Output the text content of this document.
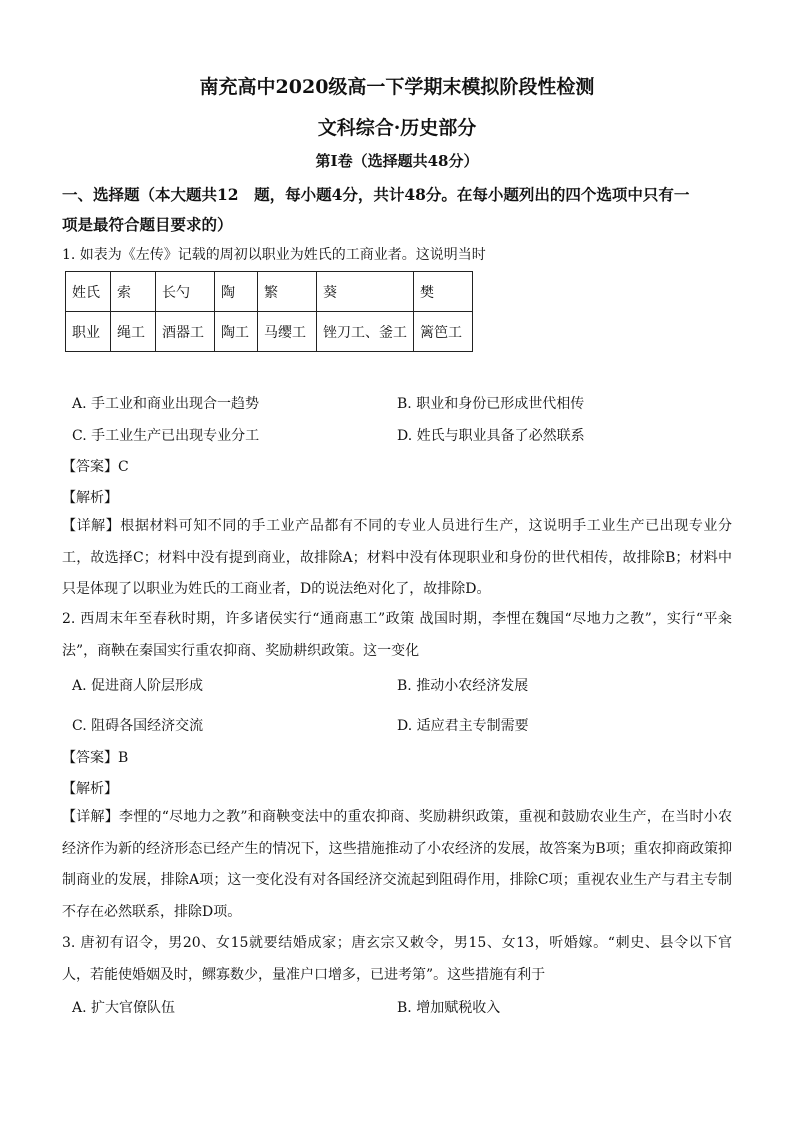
南充高中2020级高一下学期末模拟阶段性检测
文科综合·历史部分
第Ⅰ卷（选择题共48分）
一、选择题（本大题共12　题，每小题4分，共计48分。在每小题列出的四个选项中只有一
项是最符合题目要求的）
1. 如表为《左传》记载的周初以职业为姓氏的工商业者。这说明当时
姓氏	索	长勺	陶	繁	葵	樊
职业	绳工	酒器工	陶工	马缨工	锉刀工、釜工	篱笆工
A. 手工业和商业出现合一趋势	B. 职业和身份已形成世代相传
C. 手工业生产已出现专业分工	D. 姓氏与职业具备了必然联系
【答案】C
【解析】
【详解】根据材料可知不同的手工业产品都有不同的专业人员进行生产，这说明手工业生产已出现专业分工，故选择C；材料中没有提到商业，故排除A；材料中没有体现职业和身份的世代相传，故排除B；材料中只是体现了以职业为姓氏的工商业者，D的说法绝对化了，故排除D。
2. 西周末年至春秋时期，许多诸侯实行“通商惠工”政策 战国时期，李悝在魏国“尽地力之教”，实行“平籴法”，商鞅在秦国实行重农抑商、奖励耕织政策。这一变化
A. 促进商人阶层形成	B. 推动小农经济发展
C. 阻碍各国经济交流	D. 适应君主专制需要
【答案】B
【解析】
【详解】李悝的“尽地力之教”和商鞅变法中的重农抑商、奖励耕织政策，重视和鼓励农业生产，在当时小农经济作为新的经济形态已经产生的情况下，这些措施推动了小农经济的发展，故答案为B项；重农抑商政策抑制商业的发展，排除A项；这一变化没有对各国经济交流起到阻碍作用，排除C项；重视农业生产与君主专制不存在必然联系，排除D项。
3. 唐初有诏令，男20、女15就要结婚成家；唐玄宗又敕令，男15、女13，听婚嫁。“刺史、县令以下官人，若能使婚姻及时，鳏寡数少，量准户口增多，已进考第”。这些措施有利于
A. 扩大官僚队伍	B. 增加赋税收入
